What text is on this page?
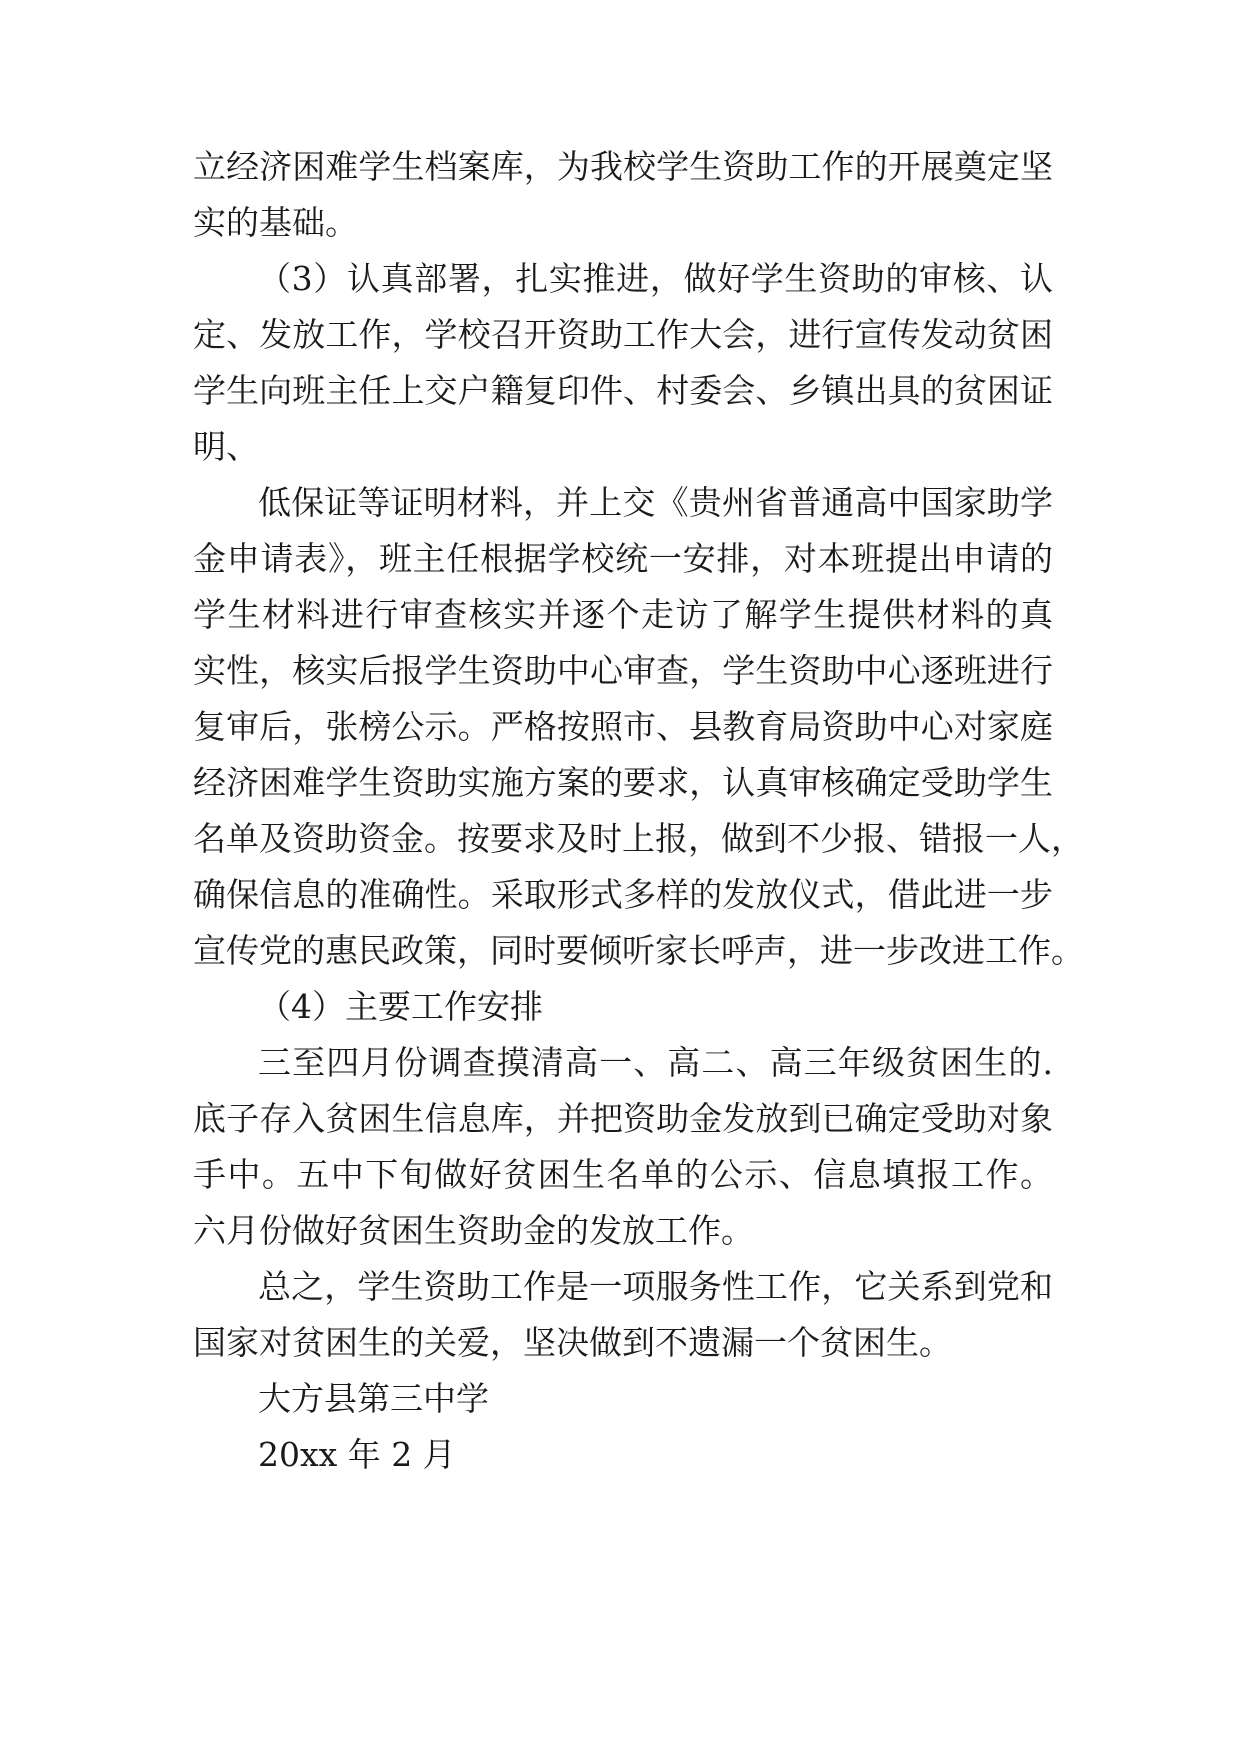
立经济困难学生档案库，为我校学生资助工作的开展奠定坚
实的基础。
（3）认真部署，扎实推进，做好学生资助的审核、认
定、发放工作，学校召开资助工作大会，进行宣传发动贫困
学生向班主任上交户籍复印件、村委会、乡镇出具的贫困证
明、
低保证等证明材料，并上交《贵州省普通高中国家助学
金申请表》，班主任根据学校统一安排，对本班提出申请的
学生材料进行审查核实并逐个走访了解学生提供材料的真
实性，核实后报学生资助中心审查，学生资助中心逐班进行
复审后，张榜公示。严格按照市、县教育局资助中心对家庭
经济困难学生资助实施方案的要求，认真审核确定受助学生
名单及资助资金。按要求及时上报，做到不少报、错报一人，
确保信息的准确性。采取形式多样的发放仪式，借此进一步
宣传党的惠民政策，同时要倾听家长呼声，进一步改进工作。
（4）主要工作安排
三至四月份调查摸清高一、高二、高三年级贫困生的.
底子存入贫困生信息库，并把资助金发放到已确定受助对象
手中。五中下旬做好贫困生名单的公示、信息填报工作。
六月份做好贫困生资助金的发放工作。
总之，学生资助工作是一项服务性工作，它关系到党和
国家对贫困生的关爱，坚决做到不遗漏一个贫困生。
大方县第三中学
20xx 年 2 月
